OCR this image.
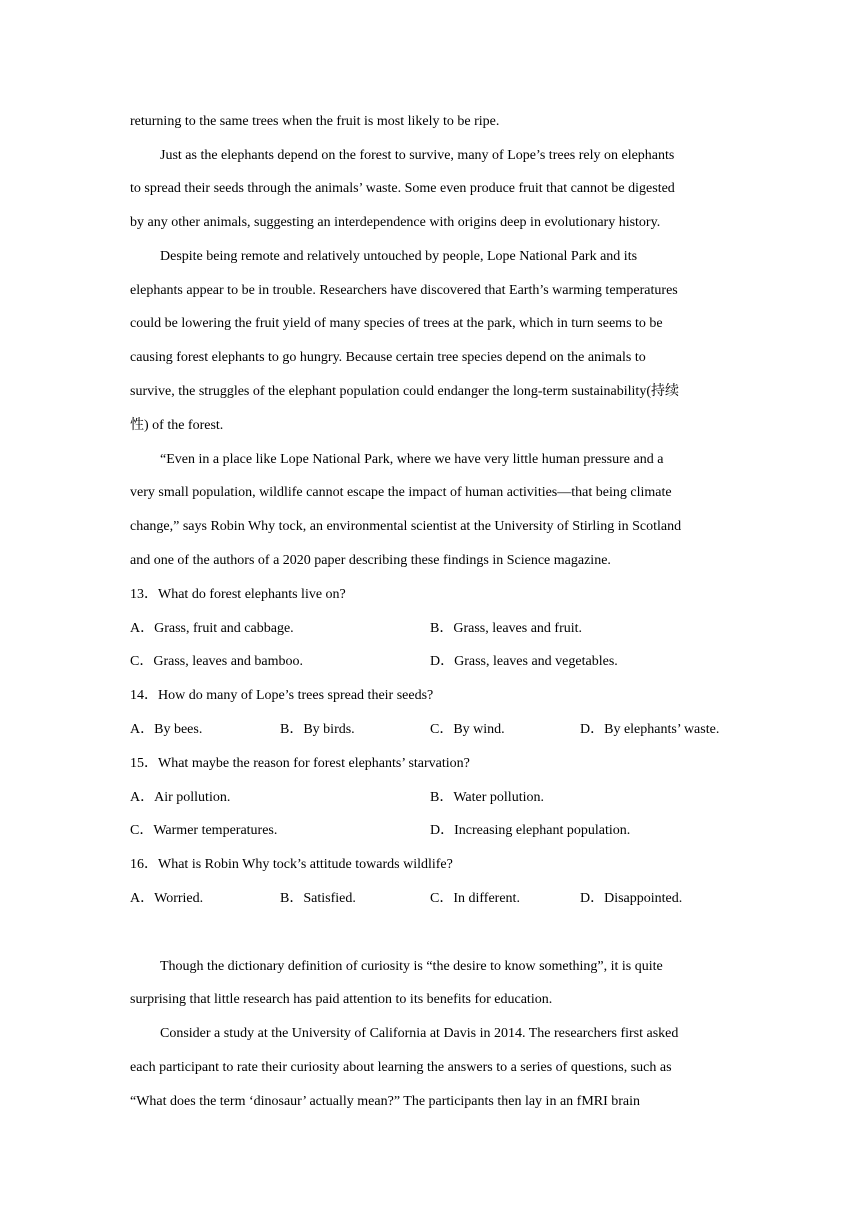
returning to the same trees when the fruit is most likely to be ripe.
Just as the elephants depend on the forest to survive, many of Lope’s trees rely on elephants
to spread their seeds through the animals’ waste. Some even produce fruit that cannot be digested
by any other animals, suggesting an interdependence with origins deep in evolutionary history.
Despite being remote and relatively untouched by people, Lope National Park and its
elephants appear to be in trouble. Researchers have discovered that Earth’s warming temperatures
could be lowering the fruit yield of many species of trees at the park, which in turn seems to be
causing forest elephants to go hungry. Because certain tree species depend on the animals to
survive, the struggles of the elephant population could endanger the long-term sustainability(持续
性) of the forest.
“Even in a place like Lope National Park, where we have very little human pressure and a
very small population, wildlife cannot escape the impact of human activities—that being climate
change,” says Robin Why tock, an environmental scientist at the University of Stirling in Scotland
and one of the authors of a 2020 paper describing these findings in Science magazine.
13．What do forest elephants live on?
A．Grass, fruit and cabbage.	B．Grass, leaves and fruit.
C．Grass, leaves and bamboo.	D．Grass, leaves and vegetables.
14．How do many of Lope’s trees spread their seeds?
A．By bees.	B．By birds.	C．By wind.	D．By elephants’ waste.
15．What maybe the reason for forest elephants’ starvation?
A．Air pollution.	B．Water pollution.
C．Warmer temperatures.	D．Increasing elephant population.
16．What is Robin Why tock’s attitude towards wildlife?
A．Worried.	B．Satisfied.	C．In different.	D．Disappointed.
Though the dictionary definition of curiosity is “the desire to know something”, it is quite
surprising that little research has paid attention to its benefits for education.
Consider a study at the University of California at Davis in 2014. The researchers first asked
each participant to rate their curiosity about learning the answers to a series of questions, such as
“What does the term ‘dinosaur’ actually mean?” The participants then lay in an fMRI brain
